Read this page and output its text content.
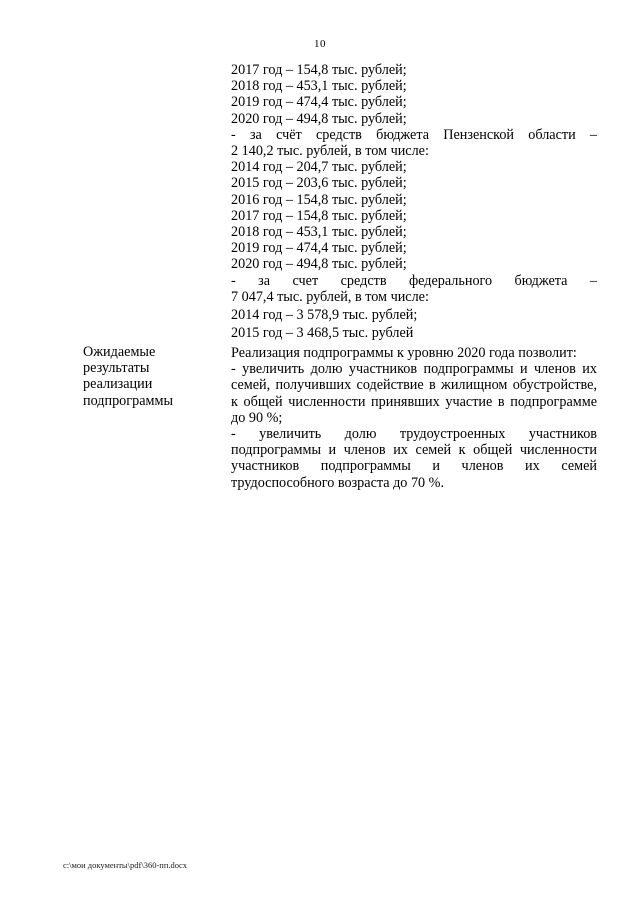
10
2017 год – 154,8 тыс. рублей;
2018 год – 453,1 тыс. рублей;
2019 год – 474,4 тыс. рублей;
2020 год – 494,8 тыс. рублей;
- за счёт средств бюджета Пензенской области –
2 140,2 тыс. рублей, в том числе:
2014 год – 204,7 тыс. рублей;
2015 год – 203,6 тыс. рублей;
2016 год – 154,8 тыс. рублей;
2017 год – 154,8 тыс. рублей;
2018 год – 453,1 тыс. рублей;
2019 год – 474,4 тыс. рублей;
2020 год – 494,8 тыс. рублей;
- за счет средств федерального бюджета –
7 047,4 тыс. рублей, в том числе:
2014 год – 3 578,9 тыс. рублей;
2015 год – 3 468,5 тыс. рублей
Ожидаемые результаты реализации подпрограммы
Реализация подпрограммы к уровню 2020 года позволит:
- увеличить долю участников подпрограммы и членов их семей, получивших содействие в жилищном обустройстве, к общей численности принявших участие в подпрограмме до 90 %;
- увеличить долю трудоустроенных участников подпрограммы и членов их семей к общей численности участников подпрограммы и членов их семей трудоспособного возраста до 70 %.
c:\мои документы\pdf\360-пп.docx
